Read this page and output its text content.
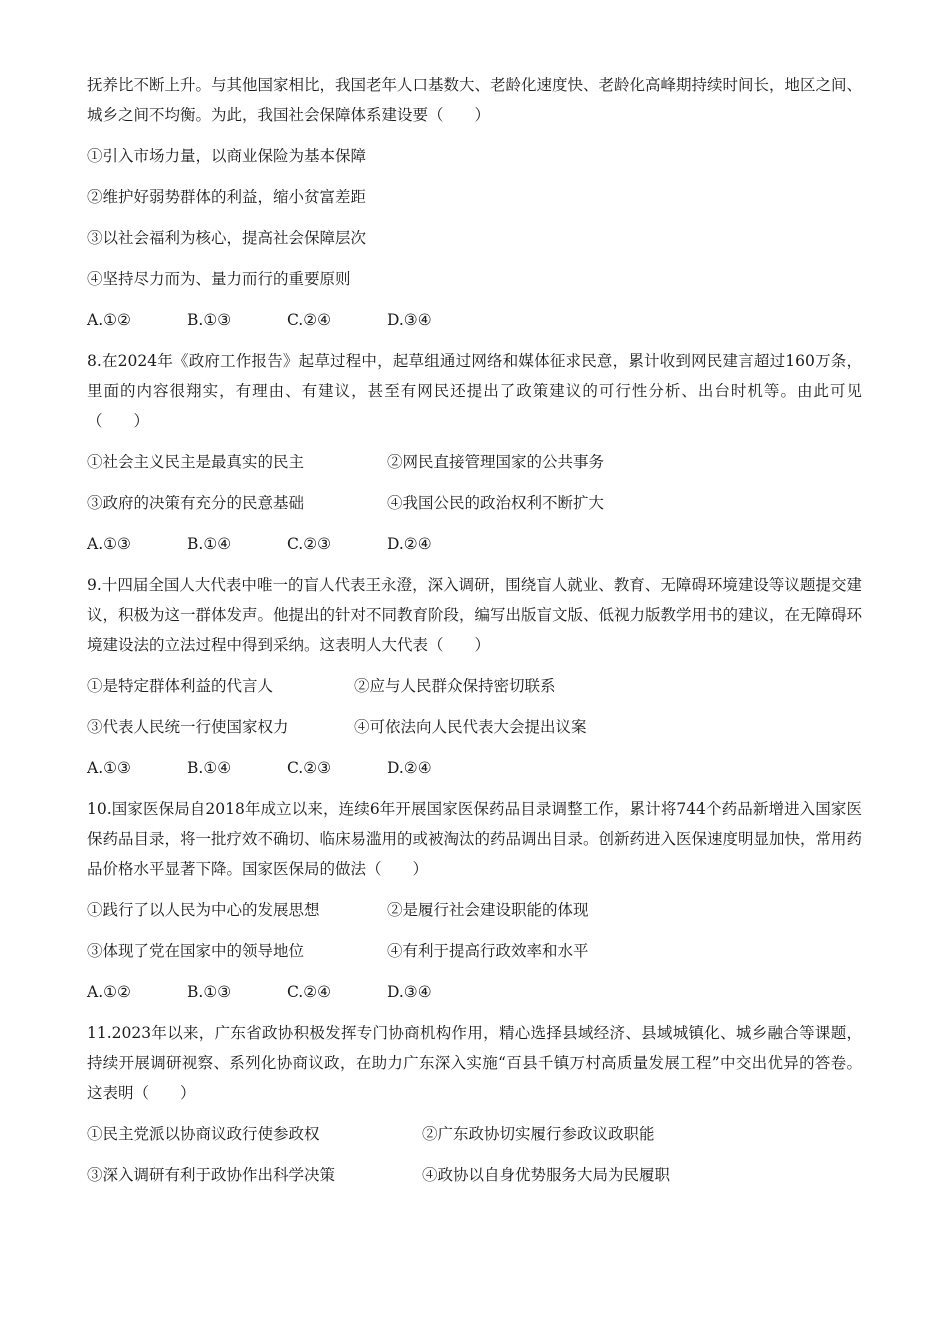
抚养比不断上升。与其他国家相比，我国老年人口基数大、老龄化速度快、老龄化高峰期持续时间长，地区之间、城乡之间不均衡。为此，我国社会保障体系建设要（　　）

①引入市场力量，以商业保险为基本保障
②维护好弱势群体的利益，缩小贫富差距
③以社会福利为核心，提高社会保障层次
④坚持尽力而为、量力而行的重要原则
A.①②	B.①③	C.②④	D.③④

8.在2024年《政府工作报告》起草过程中，起草组通过网络和媒体征求民意，累计收到网民建言超过160万条，里面的内容很翔实，有理由、有建议，甚至有网民还提出了政策建议的可行性分析、出台时机等。由此可见（　　）

①社会主义民主是最真实的民主	②网民直接管理国家的公共事务
③政府的决策有充分的民意基础	④我国公民的政治权利不断扩大
A.①③	B.①④	C.②③	D.②④

9.十四届全国人大代表中唯一的盲人代表王永澄，深入调研，围绕盲人就业、教育、无障碍环境建设等议题提交建议，积极为这一群体发声。他提出的针对不同教育阶段，编写出版盲文版、低视力版教学用书的建议，在无障碍环境建设法的立法过程中得到采纳。这表明人大代表（　　）

①是特定群体利益的代言人	②应与人民群众保持密切联系
③代表人民统一行使国家权力	④可依法向人民代表大会提出议案
A.①③	B.①④	C.②③	D.②④

10.国家医保局自2018年成立以来，连续6年开展国家医保药品目录调整工作，累计将744个药品新增进入国家医保药品目录，将一批疗效不确切、临床易滥用的或被淘汰的药品调出目录。创新药进入医保速度明显加快，常用药品价格水平显著下降。国家医保局的做法（　　）

①践行了以人民为中心的发展思想	②是履行社会建设职能的体现
③体现了党在国家中的领导地位	④有利于提高行政效率和水平
A.①②	B.①③	C.②④	D.③④

11.2023年以来，广东省政协积极发挥专门协商机构作用，精心选择县域经济、县域城镇化、城乡融合等课题，持续开展调研视察、系列化协商议政，在助力广东深入实施“百县千镇万村高质量发展工程”中交出优异的答卷。这表明（　　）

①民主党派以协商议政行使参政权	②广东政协切实履行参政议政职能
③深入调研有利于政协作出科学决策	④政协以自身优势服务大局为民履职
